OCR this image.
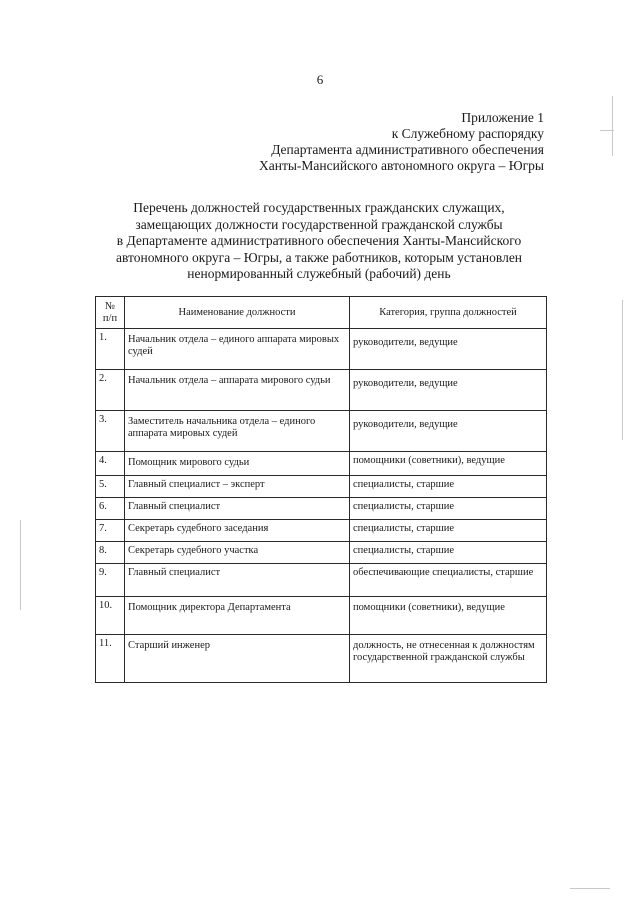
6
Приложение 1
к Служебному распорядку
Департамента административного обеспечения
Ханты-Мансийского автономного округа – Югры
Перечень должностей государственных гражданских служащих,
замещающих должности государственной гражданской службы
в Департаменте административного обеспечения Ханты-Мансийского
автономного округа – Югры, а также работников, которым установлен
ненормированный служебный (рабочий) день
№
п/п	Наименование должности	Категория, группа должностей
1.	Начальник отдела – единого аппарата мировых судей	руководители, ведущие
2.	Начальник отдела – аппарата мирового судьи	руководители, ведущие
3.	Заместитель начальника отдела – единого аппарата мировых судей	руководители, ведущие
4.	Помощник мирового судьи	помощники (советники), ведущие
5.	Главный специалист – эксперт	специалисты, старшие
6.	Главный специалист	специалисты, старшие
7.	Секретарь судебного заседания	специалисты, старшие
8.	Секретарь судебного участка	специалисты, старшие
9.	Главный специалист	обеспечивающие специалисты, старшие
10.	Помощник директора Департамента	помощники (советники), ведущие
11.	Старший инженер	должность, не отнесенная к должностям государственной гражданской службы
